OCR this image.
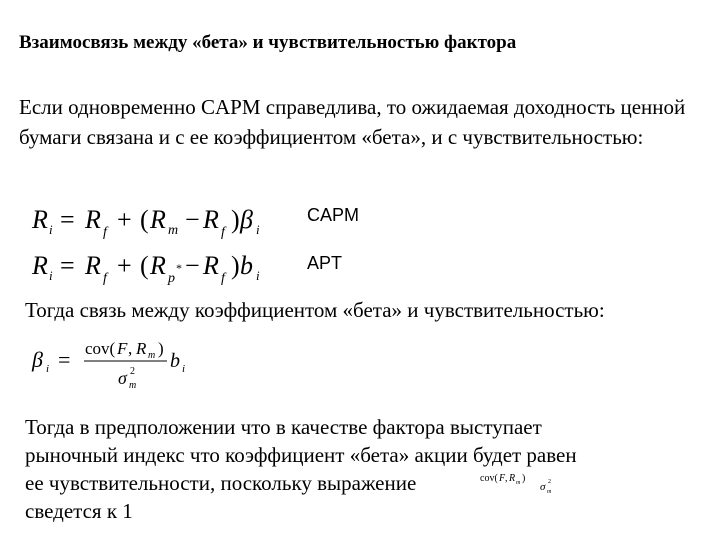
Взаимосвязь между «бета» и чувствительностью фактора
Если одновременно CAPM справедлива, то ожидаемая доходность ценной бумаги связана и с ее коэффициентом «бета», и с чувствительностью:
R i = R f + ( R m − R f ) β i
CAPM
R i = R f + ( R p
* − R f ) b i
APT
Тогда связь между коэффициентом «бета» и чувствительностью:
β i = cov( F , R m )
σ 2
m
b i

Тогда в предположении что в качестве фактора выступает

рыночный индекс что коэффициент «бета» акции будет равен

ее чувствительности, поскольку выражение

сведется к 1

cov( F , R m )
σ 2
m
